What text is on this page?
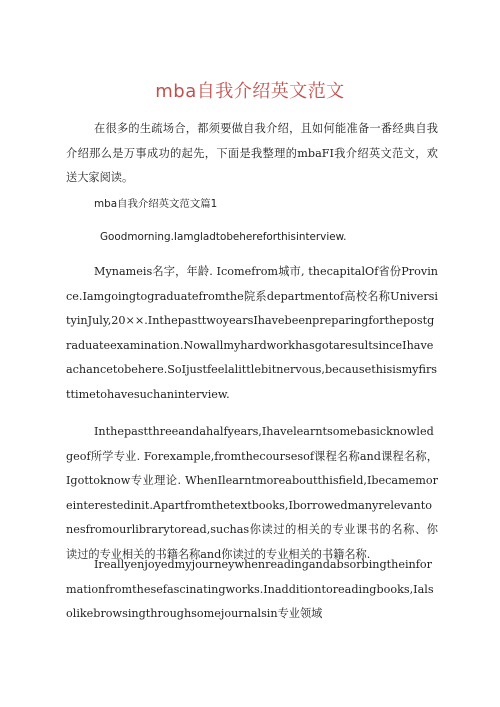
mba自我介绍英文范文

在很多的生疏场合，都须要做自我介绍，且如何能准备一番经典自我介绍那么是万事成功的起先，下面是我整理的mbaFI我介绍英文范文，欢送大家阅读。

mba自我介绍英文范文篇1
Goodmorning.Iamgladtobehereforthisinterview.

Mynameis名字，年龄. Icomefrom城市, thecapitalOf省份Province.Iamgoingtograduatefromthe院系departmentof高校名称UniversityinJuly,20××.InthepasttwoyearsIhavebeenpreparingforthepostgraduateexamination.NowallmyhardworkhasgotaresultsinceIhaveachancetobehere.SoIjustfeelalittlebitnervous,becausethisismyfirsttimetohavesuchaninterview.

Inthepastthreeandahalfyears,Ihavelearntsomebasicknowledgeof所学专业. Forexample,fromthecoursesof课程名称and课程名称，Igottoknow专业理论. WhenIlearntmoreaboutthisfield,Ibecamemoreinterestedinit.Apartfromthetextbooks,Iborrowedmanyrelevantonesfromourlibrarytoread,suchas你读过的相关的专业课书的名称、你读过的专业相关的书籍名称and你读过的专业相关的书籍名称.

Ireallyenjoyedmyjourneywhenreadingandabsorbingtheinformationfromthesefascinatingworks.Inadditiontoreadingbooks,Ialsolikebrowsingthroughsomejournalsin专业领域
